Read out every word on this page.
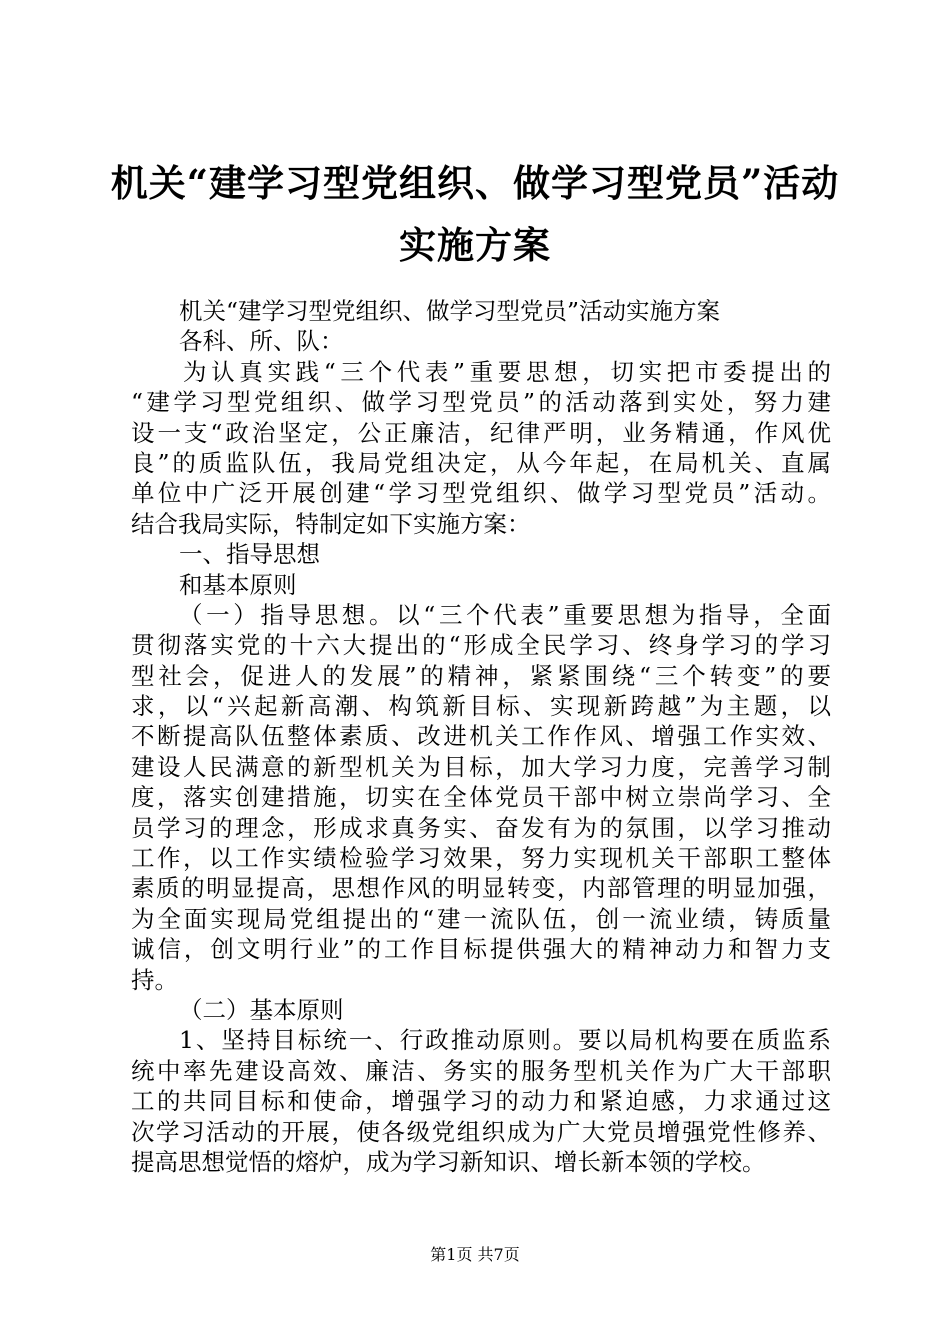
机关“建学习型党组织、做学习型党员”活动
实施方案
机关“建学习型党组织、做学习型党员”活动实施方案
各科、所、队：
为认真实践“三个代表”重要思想，切实把市委提出的
“建学习型党组织、做学习型党员”的活动落到实处，努力建
设一支“政治坚定，公正廉洁，纪律严明，业务精通，作风优
良”的质监队伍，我局党组决定，从今年起，在局机关、直属
单位中广泛开展创建“学习型党组织、做学习型党员”活动。
结合我局实际，特制定如下实施方案：
一、指导思想
和基本原则
（一）指导思想。以“三个代表”重要思想为指导，全面
贯彻落实党的十六大提出的“形成全民学习、终身学习的学习
型社会，促进人的发展”的精神，紧紧围绕“三个转变”的要
求，以“兴起新高潮、构筑新目标、实现新跨越”为主题，以
不断提高队伍整体素质、改进机关工作作风、增强工作实效、
建设人民满意的新型机关为目标，加大学习力度，完善学习制
度，落实创建措施，切实在全体党员干部中树立崇尚学习、全
员学习的理念，形成求真务实、奋发有为的氛围，以学习推动
工作，以工作实绩检验学习效果，努力实现机关干部职工整体
素质的明显提高，思想作风的明显转变，内部管理的明显加强，
为全面实现局党组提出的“建一流队伍，创一流业绩，铸质量
诚信，创文明行业”的工作目标提供强大的精神动力和智力支
持。
（二）基本原则
1、坚持目标统一、行政推动原则。要以局机构要在质监系
统中率先建设高效、廉洁、务实的服务型机关作为广大干部职
工的共同目标和使命，增强学习的动力和紧迫感，力求通过这
次学习活动的开展，使各级党组织成为广大党员增强党性修养、
提高思想觉悟的熔炉，成为学习新知识、增长新本领的学校。
第1页 共7页
